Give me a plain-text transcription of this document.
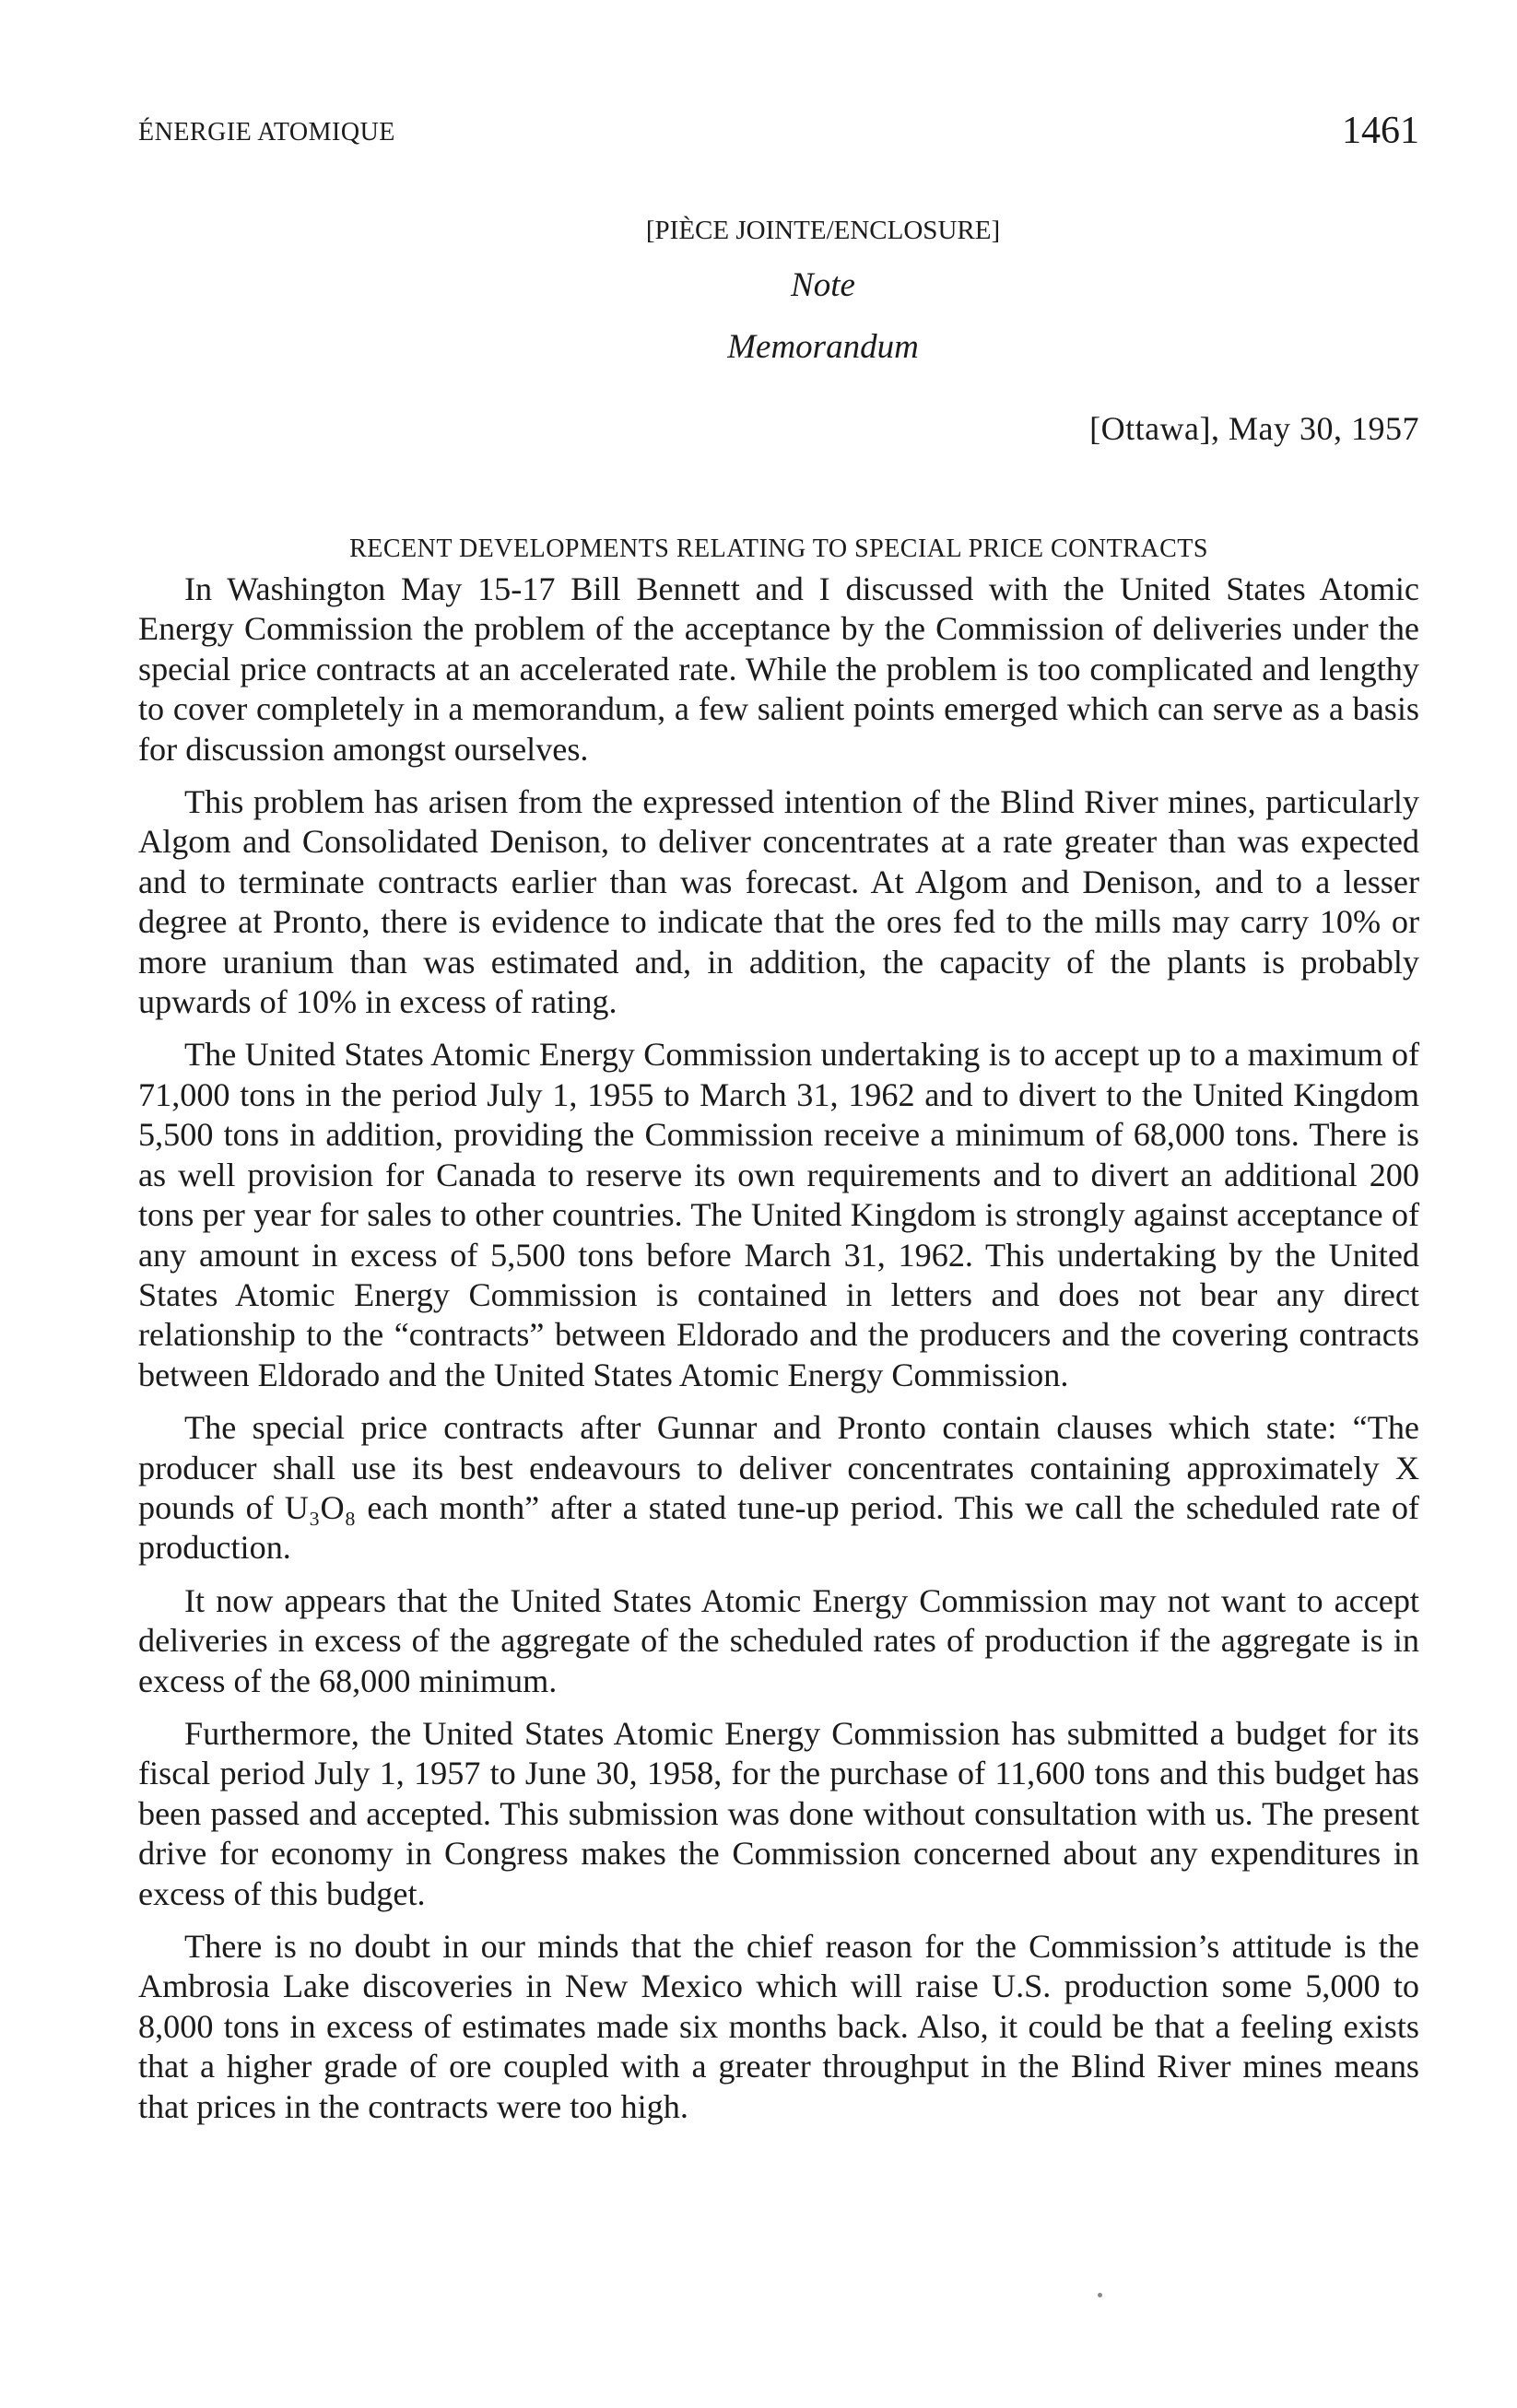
ÉNERGIE ATOMIQUE	1461
[PIÈCE JOINTE/ENCLOSURE]
Note
Memorandum
[Ottawa], May 30, 1957
RECENT DEVELOPMENTS RELATING TO SPECIAL PRICE CONTRACTS

In Washington May 15-17 Bill Bennett and I discussed with the United States Atomic Energy Commission the problem of the acceptance by the Commission of deliveries under the special price contracts at an accelerated rate. While the problem is too complicated and lengthy to cover completely in a memorandum, a few salient points emerged which can serve as a basis for discussion amongst ourselves.

This problem has arisen from the expressed intention of the Blind River mines, particularly Algom and Consolidated Denison, to deliver concentrates at a rate greater than was expected and to terminate contracts earlier than was forecast. At Algom and Denison, and to a lesser degree at Pronto, there is evidence to indicate that the ores fed to the mills may carry 10% or more uranium than was estimated and, in addition, the capacity of the plants is probably upwards of 10% in excess of rating.

The United States Atomic Energy Commission undertaking is to accept up to a maximum of 71,000 tons in the period July 1, 1955 to March 31, 1962 and to divert to the United Kingdom 5,500 tons in addition, providing the Commission receive a minimum of 68,000 tons. There is as well provision for Canada to reserve its own requirements and to divert an additional 200 tons per year for sales to other countries. The United Kingdom is strongly against acceptance of any amount in excess of 5,500 tons before March 31, 1962. This undertaking by the United States Atomic Energy Commission is contained in letters and does not bear any direct relationship to the “contracts” between Eldorado and the producers and the covering contracts between Eldorado and the United States Atomic Energy Commission.

The special price contracts after Gunnar and Pronto contain clauses which state: “The producer shall use its best endeavours to deliver concentrates containing approximately X pounds of U₃O₈ each month” after a stated tune-up period. This we call the scheduled rate of production.

It now appears that the United States Atomic Energy Commission may not want to accept deliveries in excess of the aggregate of the scheduled rates of production if the aggregate is in excess of the 68,000 minimum.

Furthermore, the United States Atomic Energy Commission has submitted a budget for its fiscal period July 1, 1957 to June 30, 1958, for the purchase of 11,600 tons and this budget has been passed and accepted. This submission was done without consultation with us. The present drive for economy in Congress makes the Commission concerned about any expenditures in excess of this budget.

There is no doubt in our minds that the chief reason for the Commission’s attitude is the Ambrosia Lake discoveries in New Mexico which will raise U.S. production some 5,000 to 8,000 tons in excess of estimates made six months back. Also, it could be that a feeling exists that a higher grade of ore coupled with a greater throughput in the Blind River mines means that prices in the contracts were too high.
